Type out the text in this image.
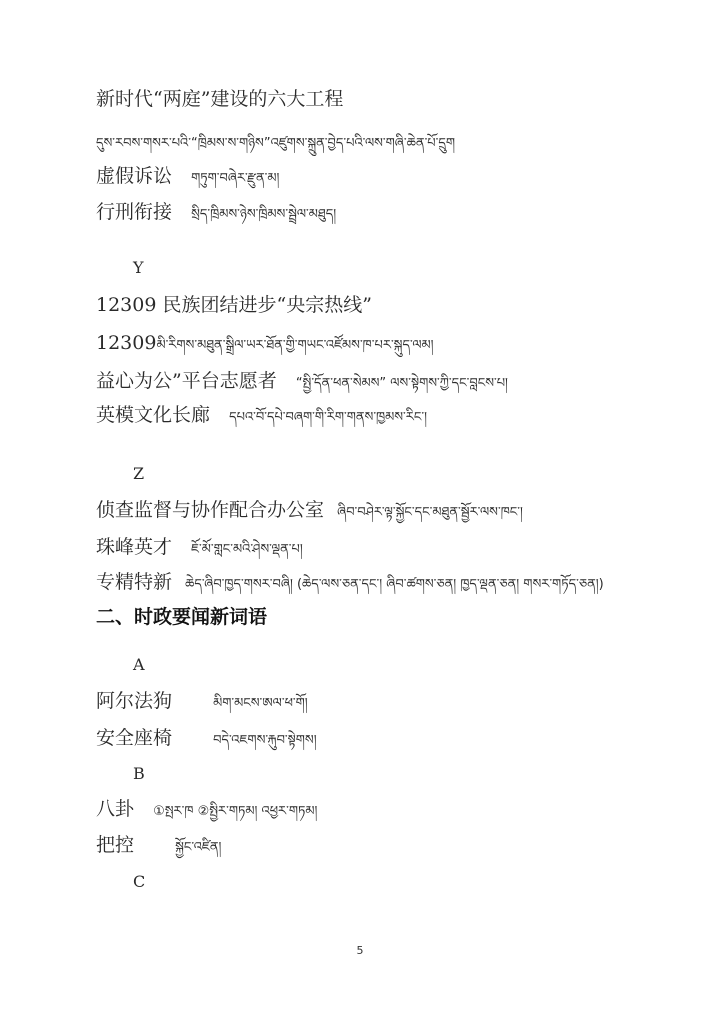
新时代“两庭”建设的六大工程
དུས་རབས་གསར་པའི་“ཁྲིམས་ས་གཉིས”འཛུགས་སྐྲུན་བྱེད་པའི་ལས་གཞི་ཆེན་པོ་དྲུག
虚假诉讼 གཏུག་བཞེར་རྫུན་མ།
行刑衔接 སྲིད་ཁྲིམས་ཉེས་ཁྲིམས་སྦྲེལ་མཐུད།
Y
12309 民族团结进步“央宗热线”
12309མི་རིགས་མཐུན་སྒྲིལ་ཡར་ཐོན་གྱི་གཡང་འཛོམས་ཁ་པར་སྐུད་ལམ།
益心为公”平台志愿者 “སྤྱི་དོན་ཕན་སེམས” ལས་སྟེགས་ཀྱི་དང་བླངས་པ།
英模文化长廊 དཔའ་བོ་དཔེ་བཞག་གི་རིག་གནས་ཁྱམས་རིང་།
Z
侦查监督与协作配合办公室 ཞིབ་བཤེར་ལྟ་སྐྱོང་དང་མཐུན་སྦྱོར་ལས་ཁང་།
珠峰英才 ཇོ་མོ་གླང་མའི་ཤེས་ལྡན་པ།
专精特新 ཆེད་ཞིབ་ཁྱད་གསར་བཞི། (ཆེད་ལས་ཅན་དང་། ཞིབ་ཚགས་ཅན། ཁྱད་ལྡན་ཅན། གསར་གཏོད་ཅན།)
二、时政要闻新词语
A
阿尔法狗	མིག་མངས་ཨལ་ཕ་གོ།
安全座椅	བདེ་འཇགས་རྐུབ་སྟེགས།
B
八卦 ①སྤར་ཁ ②སྤྱིར་གཏམ། འཕྱར་གཏམ།
把控	སྐྱོང་འཛིན།
C
5
